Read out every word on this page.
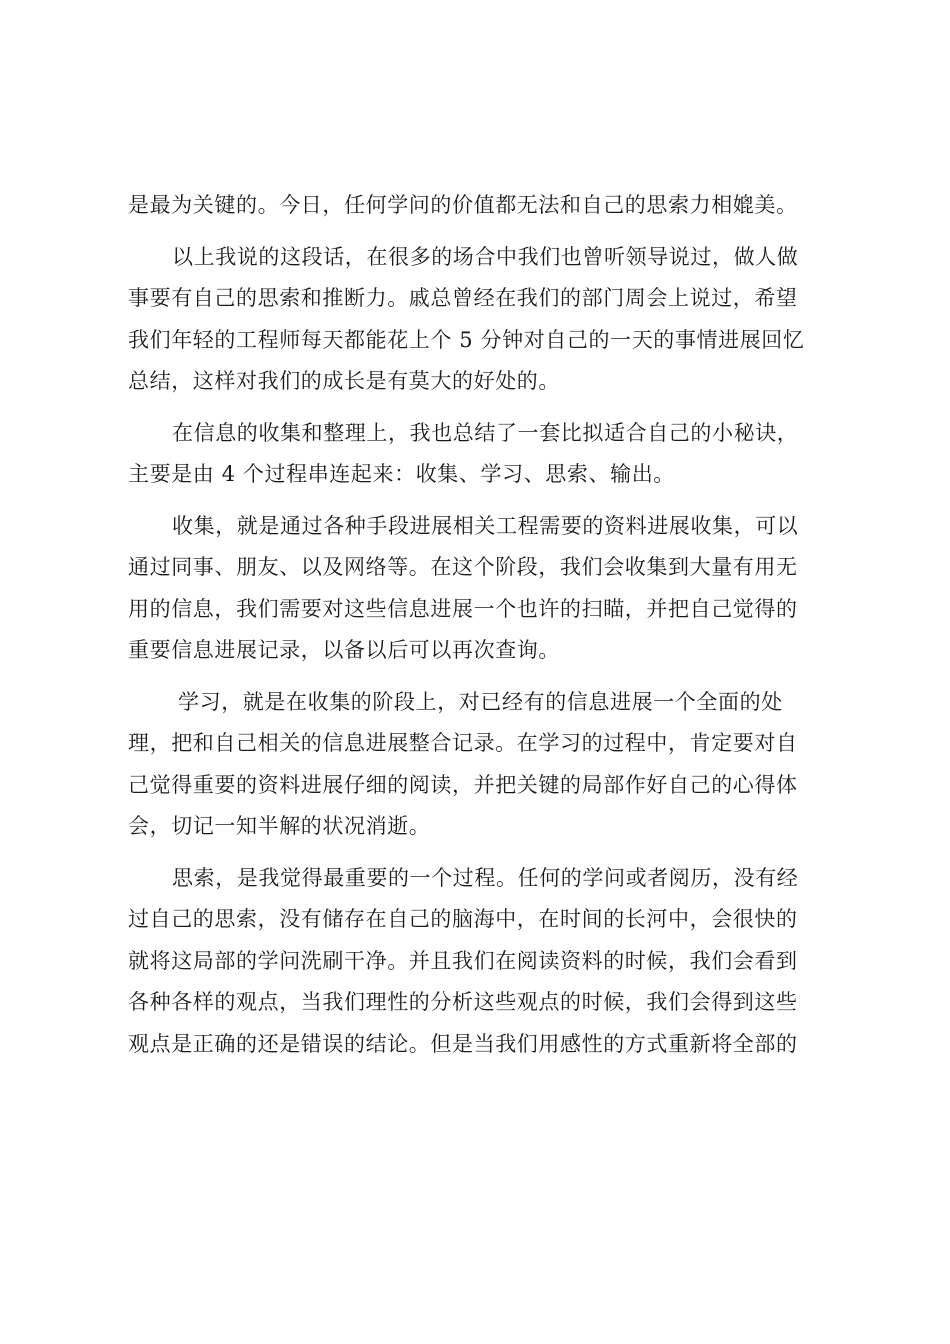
是最为关键的。今日，任何学问的价值都无法和自己的思索力相媲美。
以上我说的这段话，在很多的场合中我们也曾听领导说过，做人做
事要有自己的思索和推断力。戚总曾经在我们的部门周会上说过，希望
我们年轻的工程师每天都能花上个 5 分钟对自己的一天的事情进展回忆
总结，这样对我们的成长是有莫大的好处的。
在信息的收集和整理上，我也总结了一套比拟适合自己的小秘诀，
主要是由 4 个过程串连起来：收集、学习、思索、输出。
收集，就是通过各种手段进展相关工程需要的资料进展收集，可以
通过同事、朋友、以及网络等。在这个阶段，我们会收集到大量有用无
用的信息，我们需要对这些信息进展一个也许的扫瞄，并把自己觉得的
重要信息进展记录，以备以后可以再次查询。
学习，就是在收集的阶段上，对已经有的信息进展一个全面的处
理，把和自己相关的信息进展整合记录。在学习的过程中，肯定要对自
己觉得重要的资料进展仔细的阅读，并把关键的局部作好自己的心得体
会，切记一知半解的状况消逝。
思索，是我觉得最重要的一个过程。任何的学问或者阅历，没有经
过自己的思索，没有储存在自己的脑海中，在时间的长河中，会很快的
就将这局部的学问洗刷干净。并且我们在阅读资料的时候，我们会看到
各种各样的观点，当我们理性的分析这些观点的时候，我们会得到这些
观点是正确的还是错误的结论。但是当我们用感性的方式重新将全部的
